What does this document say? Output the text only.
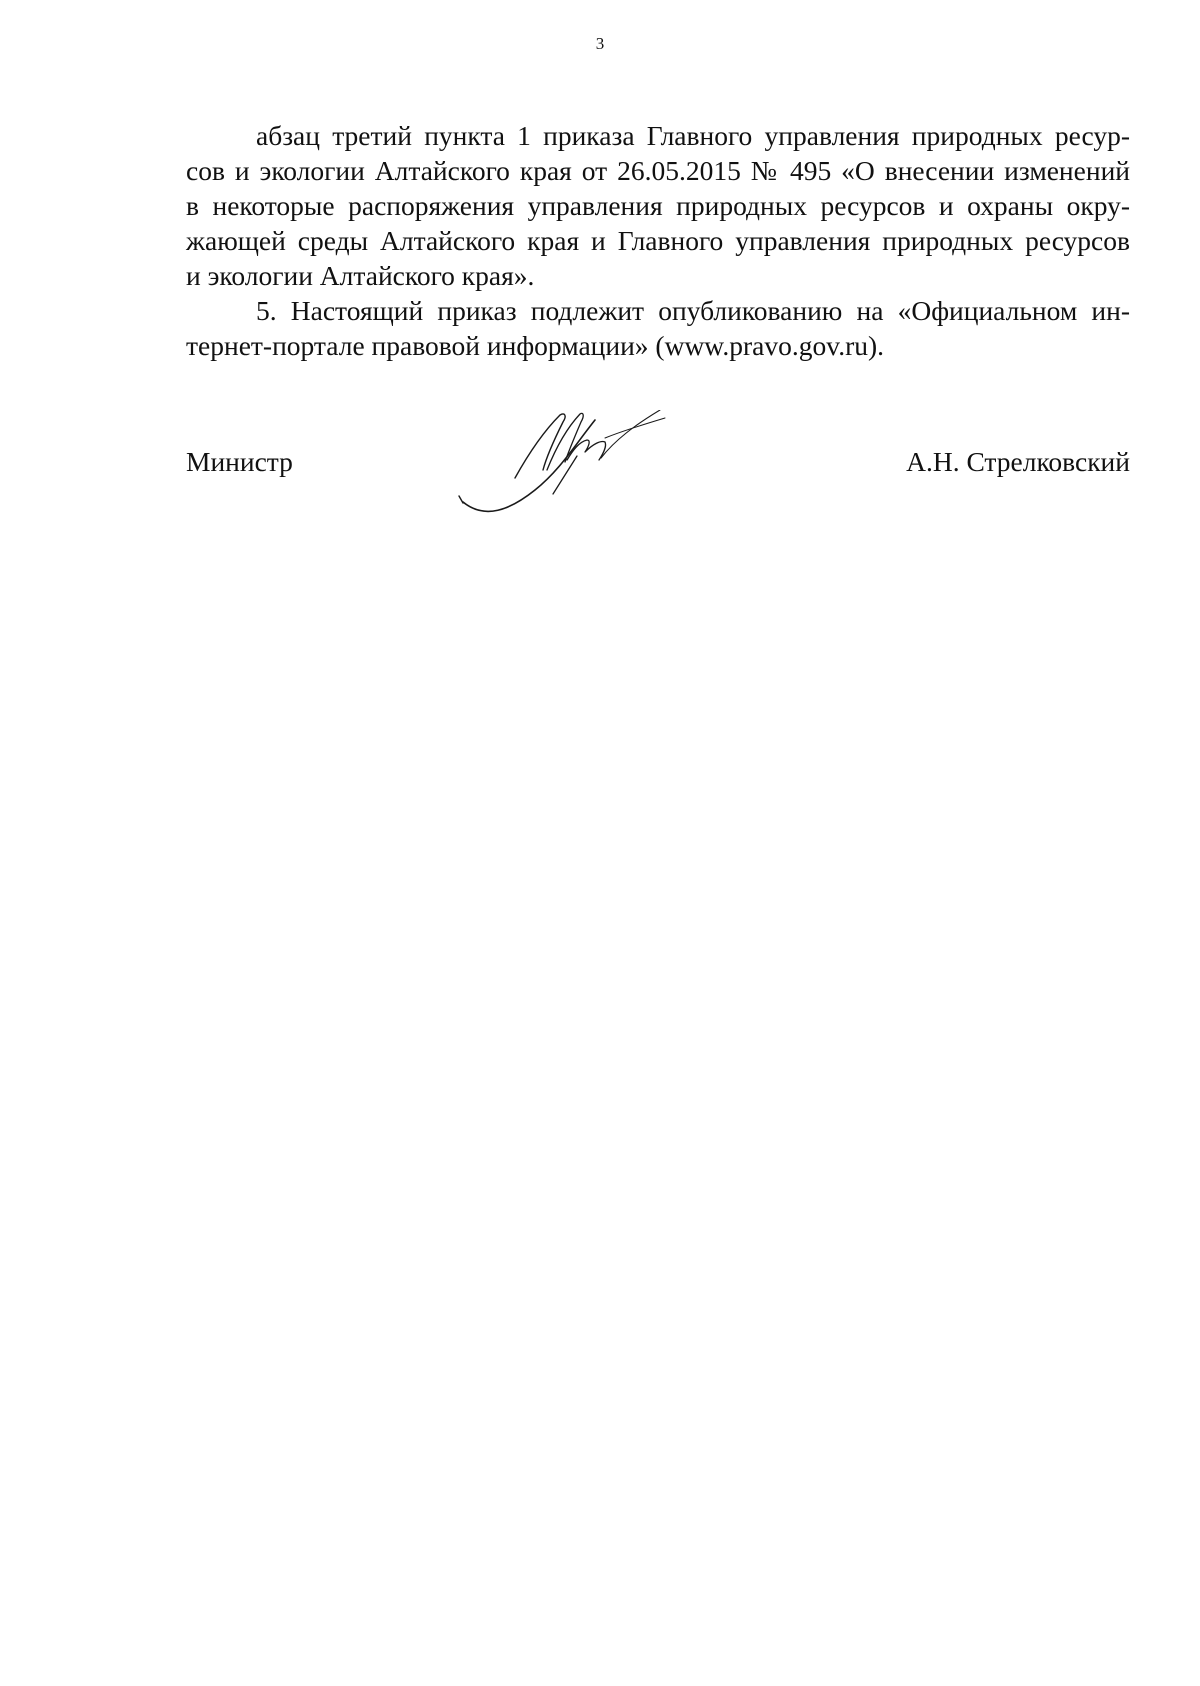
3
абзац третий пункта 1 приказа Главного управления природных ресур-
сов и экологии Алтайского края от 26.05.2015 № 495 «О внесении изменений
в некоторые распоряжения управления природных ресурсов и охраны окру-
жающей среды Алтайского края и Главного управления природных ресурсов
и экологии Алтайского края».
5. Настоящий приказ подлежит опубликованию на «Официальном ин-
тернет-портале правовой информации» (www.pravo.gov.ru).
Министр	А.Н. Стрелковский
